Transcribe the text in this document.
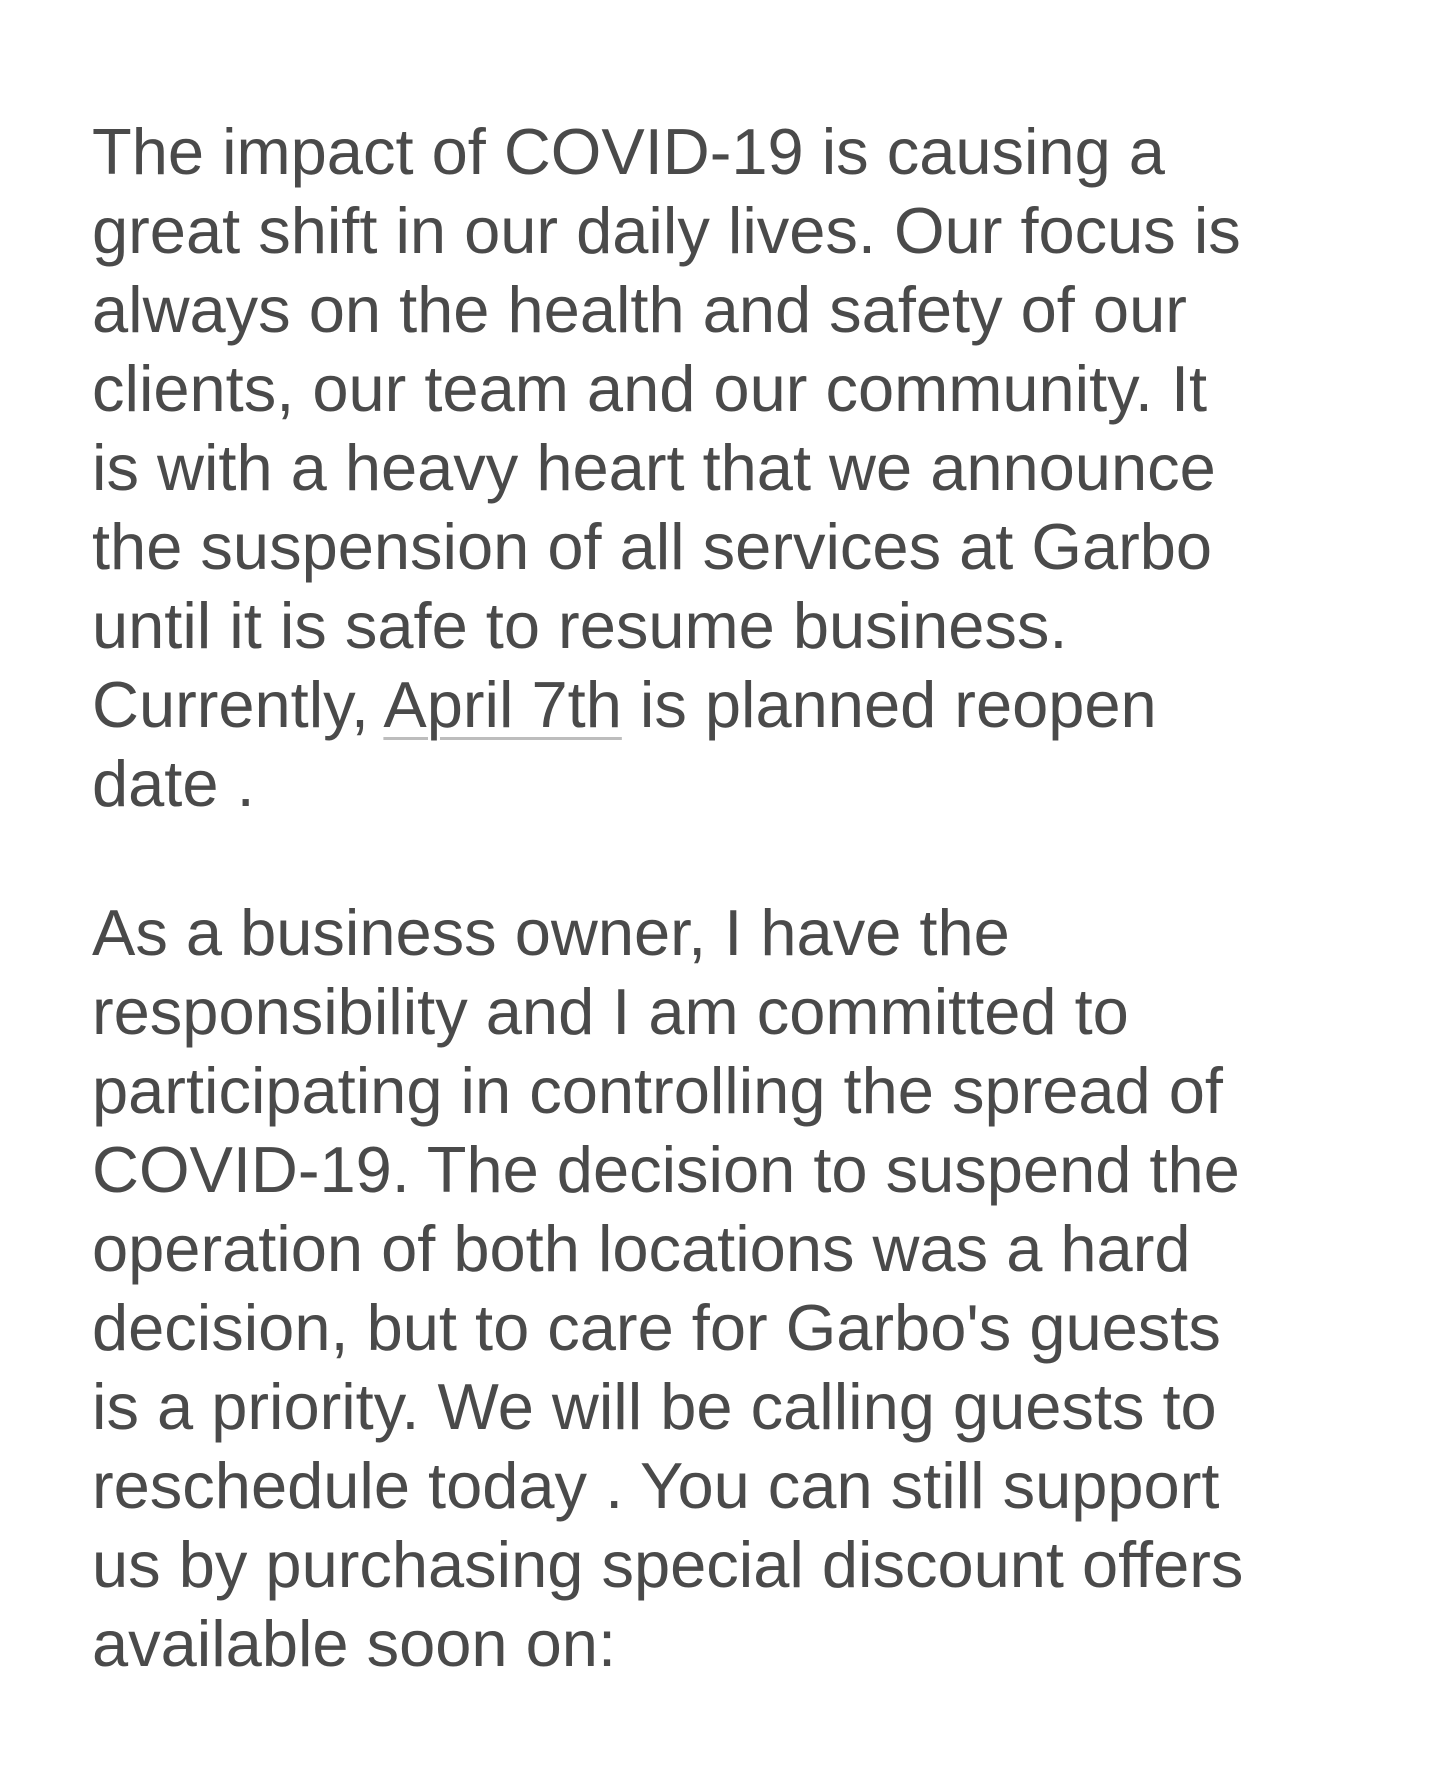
The impact of COVID-19 is causing a
great shift in our daily lives. Our focus is
always on the health and safety of our
clients, our team and our community. It
is with a heavy heart that we announce
the suspension of all services at Garbo
until it is safe to resume business.
Currently, April 7th is planned reopen
date .
As a business owner, I have the
responsibility and I am committed to
participating in controlling the spread of
COVID-19. The decision to suspend the
operation of both locations was a hard
decision, but to care for Garbo's guests
is a priority. We will be calling guests to
reschedule today . You can still support
us by purchasing special discount offers
available soon on:
